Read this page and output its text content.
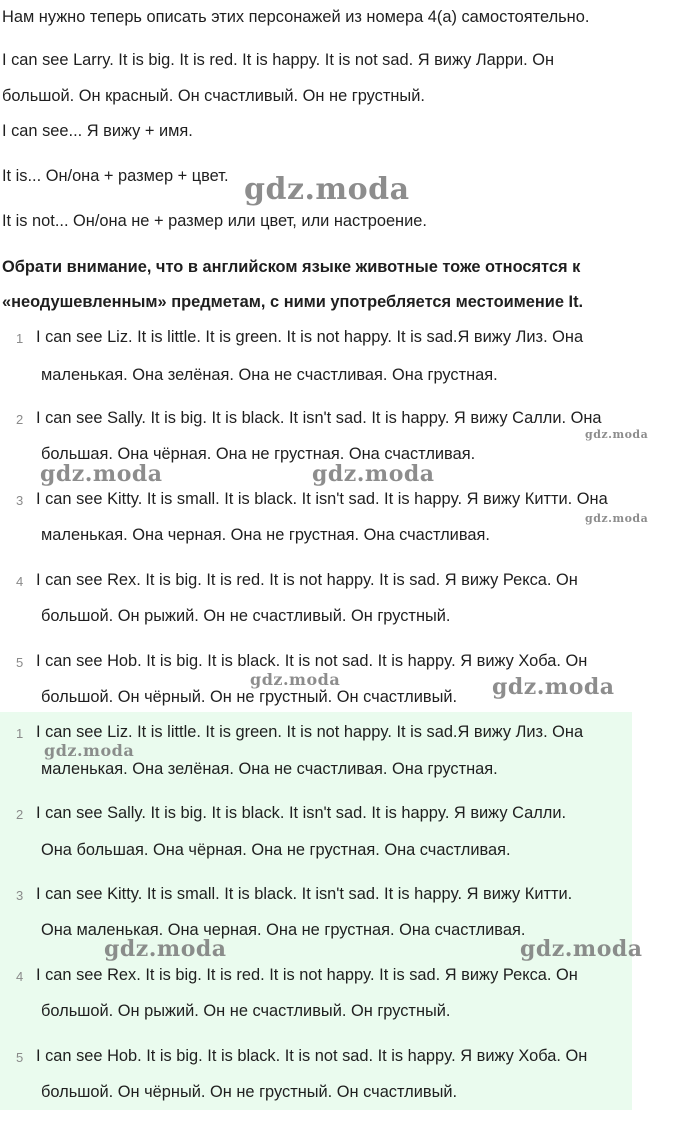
Нам нужно теперь описать этих персонажей из номера 4(а) самостоятельно.
I can see Larry. It is big. It is red. It is happy. It is not sad. Я вижу Ларри. Он
большой. Он красный. Он счастливый. Он не грустный.
I can see... Я вижу + имя.
It is... Он/она + размер + цвет.
It is not... Он/она не + размер или цвет, или настроение.
Обрати внимание, что в английском языке животные тоже относятся к
«неодушевленным» предметам, с ними употребляется местоимение It.
1 I can see Liz. It is little. It is green. It is not happy. It is sad.Я вижу Лиз. Она
маленькая. Она зелёная. Она не счастливая. Она грустная.
2 I can see Sally. It is big. It is black. It isn't sad. It is happy. Я вижу Салли. Она
большая. Она чёрная. Она не грустная. Она счастливая.
3 I can see Kitty. It is small. It is black. It isn't sad. It is happy. Я вижу Китти. Она
маленькая. Она черная. Она не грустная. Она счастливая.
4 I can see Rex. It is big. It is red. It is not happy. It is sad. Я вижу Рекса. Он
большой. Он рыжий. Он не счастливый. Он грустный.
5 I can see Hob. It is big. It is black. It is not sad. It is happy. Я вижу Хоба. Он
большой. Он чёрный. Он не грустный. Он счастливый.
1 I can see Liz. It is little. It is green. It is not happy. It is sad.Я вижу Лиз. Она
маленькая. Она зелёная. Она не счастливая. Она грустная.
2 I can see Sally. It is big. It is black. It isn't sad. It is happy. Я вижу Салли.
Она большая. Она чёрная. Она не грустная. Она счастливая.
3 I can see Kitty. It is small. It is black. It isn't sad. It is happy. Я вижу Китти.
Она маленькая. Она черная. Она не грустная. Она счастливая.
4 I can see Rex. It is big. It is red. It is not happy. It is sad. Я вижу Рекса. Он
большой. Он рыжий. Он не счастливый. Он грустный.
5 I can see Hob. It is big. It is black. It is not sad. It is happy. Я вижу Хоба. Он
большой. Он чёрный. Он не грустный. Он счастливый.
gdz.moda
gdz.moda
gdz.moda	gdz.moda
gdz.moda
gdz.moda	gdz.moda
gdz.moda
gdz.moda	gdz.moda
